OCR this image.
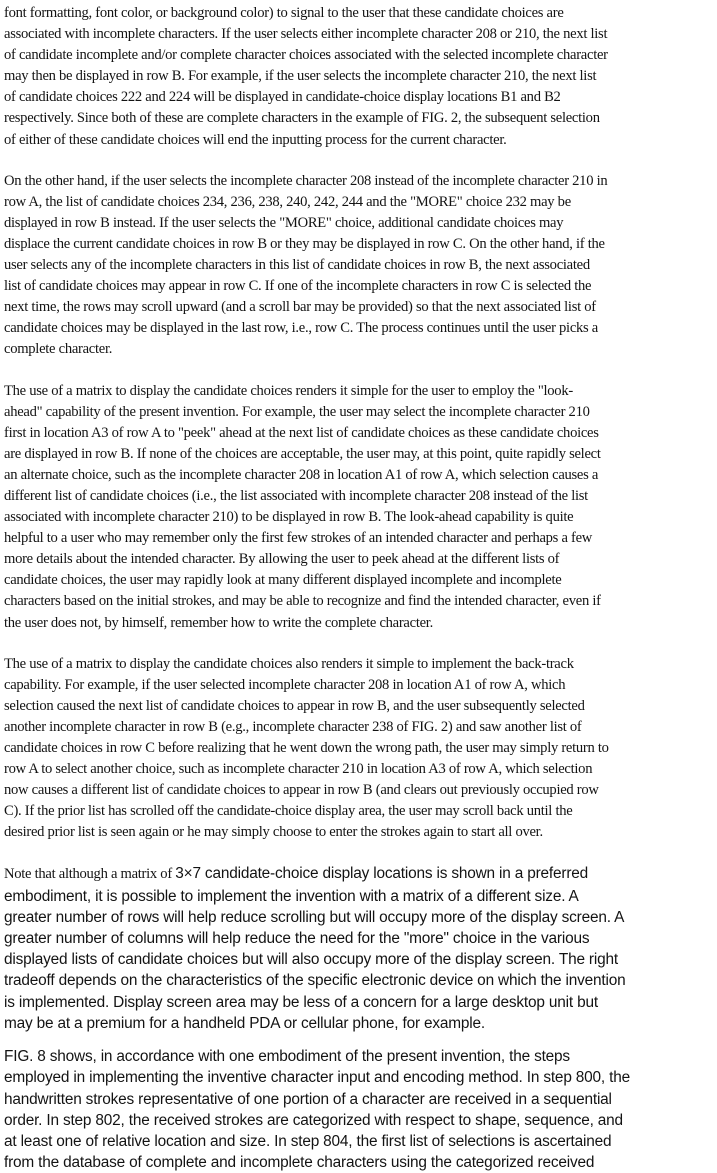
font formatting, font color, or background color) to signal to the user that these candidate choices are
associated with incomplete characters. If the user selects either incomplete character 208 or 210, the next list
of candidate incomplete and/or complete character choices associated with the selected incomplete character
may then be displayed in row B. For example, if the user selects the incomplete character 210, the next list
of candidate choices 222 and 224 will be displayed in candidate-choice display locations B1 and B2
respectively. Since both of these are complete characters in the example of FIG. 2, the subsequent selection
of either of these candidate choices will end the inputting process for the current character.
On the other hand, if the user selects the incomplete character 208 instead of the incomplete character 210 in
row A, the list of candidate choices 234, 236, 238, 240, 242, 244 and the "MORE" choice 232 may be
displayed in row B instead. If the user selects the "MORE" choice, additional candidate choices may
displace the current candidate choices in row B or they may be displayed in row C. On the other hand, if the
user selects any of the incomplete characters in this list of candidate choices in row B, the next associated
list of candidate choices may appear in row C. If one of the incomplete characters in row C is selected the
next time, the rows may scroll upward (and a scroll bar may be provided) so that the next associated list of
candidate choices may be displayed in the last row, i.e., row C. The process continues until the user picks a
complete character.
The use of a matrix to display the candidate choices renders it simple for the user to employ the "look-
ahead" capability of the present invention. For example, the user may select the incomplete character 210
first in location A3 of row A to "peek" ahead at the next list of candidate choices as these candidate choices
are displayed in row B. If none of the choices are acceptable, the user may, at this point, quite rapidly select
an alternate choice, such as the incomplete character 208 in location A1 of row A, which selection causes a
different list of candidate choices (i.e., the list associated with incomplete character 208 instead of the list
associated with incomplete character 210) to be displayed in row B. The look-ahead capability is quite
helpful to a user who may remember only the first few strokes of an intended character and perhaps a few
more details about the intended character. By allowing the user to peek ahead at the different lists of
candidate choices, the user may rapidly look at many different displayed incomplete and incomplete
characters based on the initial strokes, and may be able to recognize and find the intended character, even if
the user does not, by himself, remember how to write the complete character.
The use of a matrix to display the candidate choices also renders it simple to implement the back-track
capability. For example, if the user selected incomplete character 208 in location A1 of row A, which
selection caused the next list of candidate choices to appear in row B, and the user subsequently selected
another incomplete character in row B (e.g., incomplete character 238 of FIG. 2) and saw another list of
candidate choices in row C before realizing that he went down the wrong path, the user may simply return to
row A to select another choice, such as incomplete character 210 in location A3 of row A, which selection
now causes a different list of candidate choices to appear in row B (and clears out previously occupied row
C). If the prior list has scrolled off the candidate-choice display area, the user may scroll back until the
desired prior list is seen again or he may simply choose to enter the strokes again to start all over.
Note that although a matrix of 3×7 candidate-choice display locations is shown in a preferred
embodiment, it is possible to implement the invention with a matrix of a different size. A
greater number of rows will help reduce scrolling but will occupy more of the display screen. A
greater number of columns will help reduce the need for the "more" choice in the various
displayed lists of candidate choices but will also occupy more of the display screen. The right
tradeoff depends on the characteristics of the specific electronic device on which the invention
is implemented. Display screen area may be less of a concern for a large desktop unit but
may be at a premium for a handheld PDA or cellular phone, for example.
FIG. 8 shows, in accordance with one embodiment of the present invention, the steps
employed in implementing the inventive character input and encoding method. In step 800, the
handwritten strokes representative of one portion of a character are received in a sequential
order. In step 802, the received strokes are categorized with respect to shape, sequence, and
at least one of relative location and size. In step 804, the first list of selections is ascertained
from the database of complete and incomplete characters using the categorized received
